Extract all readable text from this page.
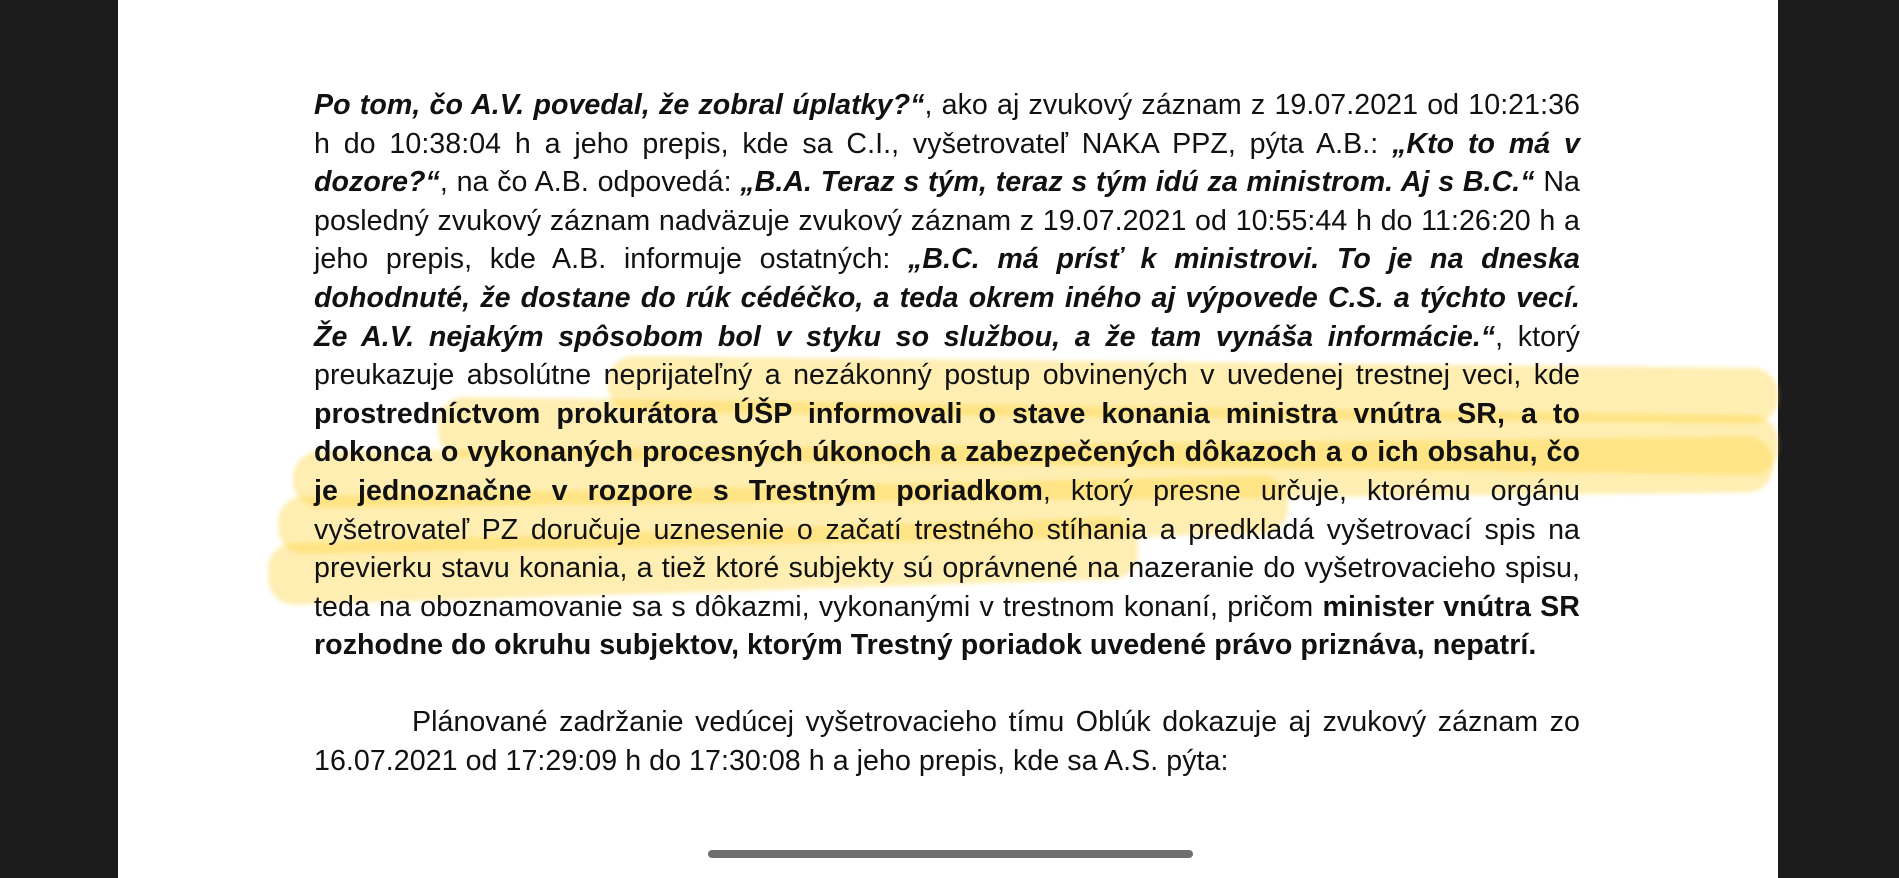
Po tom, čo A.V. povedal, že zobral úplatky?“, ako aj zvukový záznam z 19.07.2021 od 10:21:36 h do 10:38:04 h a jeho prepis, kde sa C.I., vyšetrovateľ NAKA PPZ, pýta A.B.: „Kto to má v dozore?“, na čo A.B. odpovedá: „B.A. Teraz s tým, teraz s tým idú za ministrom. Aj s B.C.“ Na posledný zvukový záznam nadväzuje zvukový záznam z 19.07.2021 od 10:55:44 h do 11:26:20 h a jeho prepis, kde A.B. informuje ostatných: „B.C. má prísť k ministrovi. To je na dneska dohodnuté, že dostane do rúk cédéčko, a teda okrem iného aj výpovede C.S. a týchto vecí. Že A.V. nejakým spôsobom bol v styku so službou, a že tam vynáša informácie.“, ktorý preukazuje absolútne neprijateľný a nezákonný postup obvinených v uvedenej trestnej veci, kde prostredníctvom prokurátora ÚŠP informovali o stave konania ministra vnútra SR, a to dokonca o vykonaných procesných úkonoch a zabezpečených dôkazoch a o ich obsahu, čo je jednoznačne v rozpore s Trestným poriadkom, ktorý presne určuje, ktorému orgánu vyšetrovateľ PZ doručuje uznesenie o začatí trestného stíhania a predkladá vyšetrovací spis na previerku stavu konania, a tiež ktoré subjekty sú oprávnené na nazeranie do vyšetrovacieho spisu, teda na oboznamovanie sa s dôkazmi, vykonanými v trestnom konaní, pričom minister vnútra SR rozhodne do okruhu subjektov, ktorým Trestný poriadok uvedené právo priznáva, nepatrí.

Plánované zadržanie vedúcej vyšetrovacieho tímu Oblúk dokazuje aj zvukový záznam zo 16.07.2021 od 17:29:09 h do 17:30:08 h a jeho prepis, kde sa A.S. pýta:
